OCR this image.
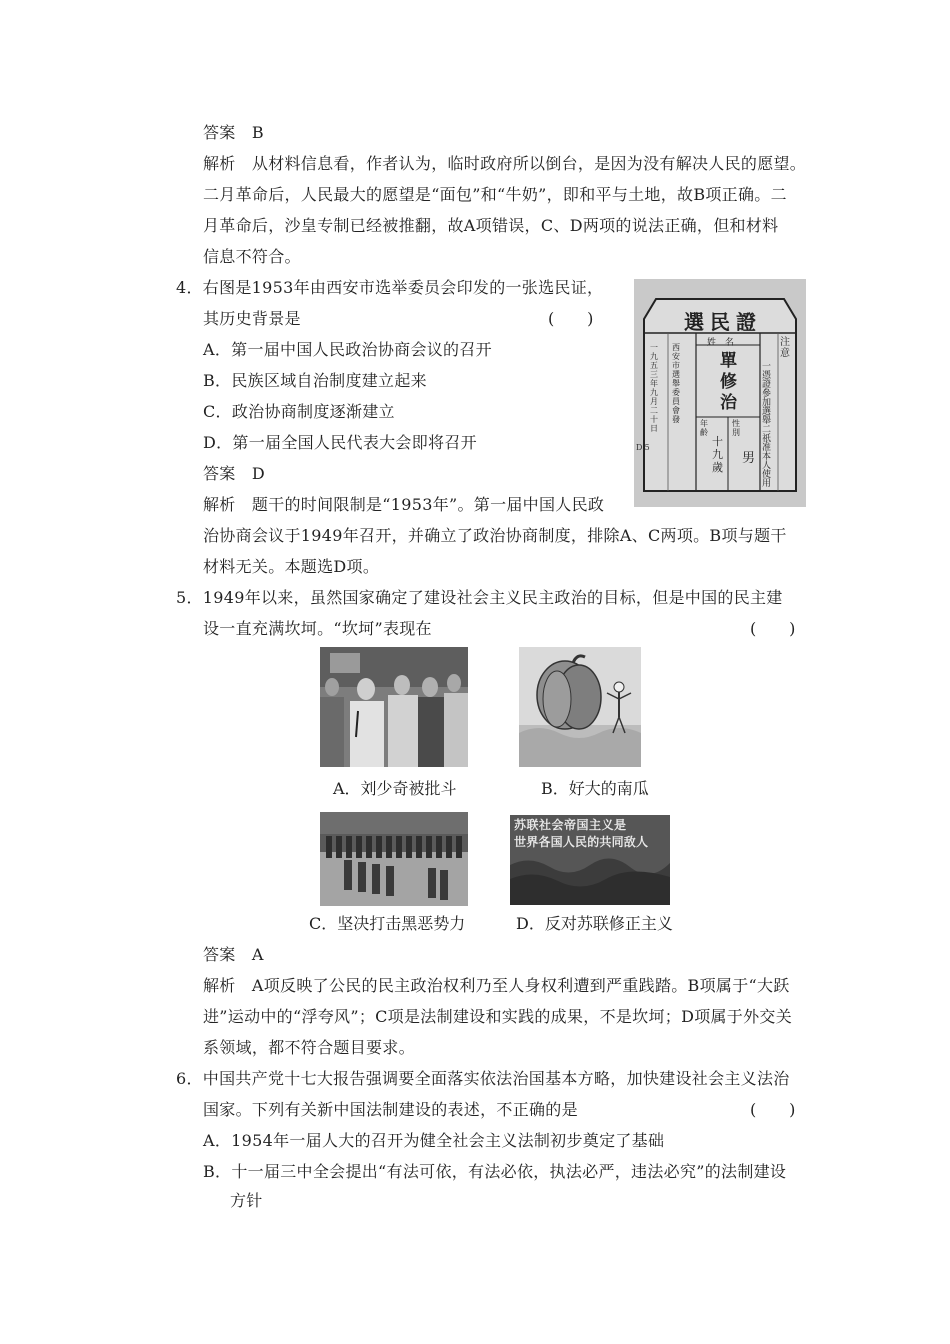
答案　B
解析　从材料信息看，作者认为，临时政府所以倒台，是因为没有解决人民的愿望。
二月革命后，人民最大的愿望是“面包”和“牛奶”，即和平与土地，故B项正确。二
月革命后，沙皇专制已经被推翻，故A项错误，C、D两项的说法正确，但和材料
信息不符合。
4．右图是1953年由西安市选举委员会印发的一张选民证，
其历史背景是	(　　)
A．第一届中国人民政治协商会议的召开
B．民族区域自治制度建立起来
C．政治协商制度逐渐建立
D．第一届全国人民代表大会即将召开
答案　D
解析　题干的时间限制是“1953年”。第一届中国人民政
治协商会议于1949年召开，并确立了政治协商制度，排除A、C两项。B项与题干
材料无关。本题选D项。
選民證
姓　名
單修治
注意
一憑證參加選舉　二祇准本人使用
年齡
十九歲
性別
男
西安市選舉委員會發
一九五三年九月二十日
D.5
5．1949年以来，虽然国家确定了建设社会主义民主政治的目标，但是中国的民主建
设一直充满坎坷。“坎坷”表现在	(　　)
A．刘少奇被批斗	B．好大的南瓜
C．坚决打击黑恶势力
苏联社会帝国主义是
世界各国人民的共同敌人
D．反对苏联修正主义
答案　A
解析　A项反映了公民的民主政治权利乃至人身权利遭到严重践踏。B项属于“大跃
进”运动中的“浮夸风”；C项是法制建设和实践的成果，不是坎坷；D项属于外交关
系领域，都不符合题目要求。
6．中国共产党十七大报告强调要全面落实依法治国基本方略，加快建设社会主义法治
国家。下列有关新中国法制建设的表述，不正确的是	(　　)
A．1954年一届人大的召开为健全社会主义法制初步奠定了基础
B．十一届三中全会提出“有法可依，有法必依，执法必严，违法必究”的法制建设
方针
